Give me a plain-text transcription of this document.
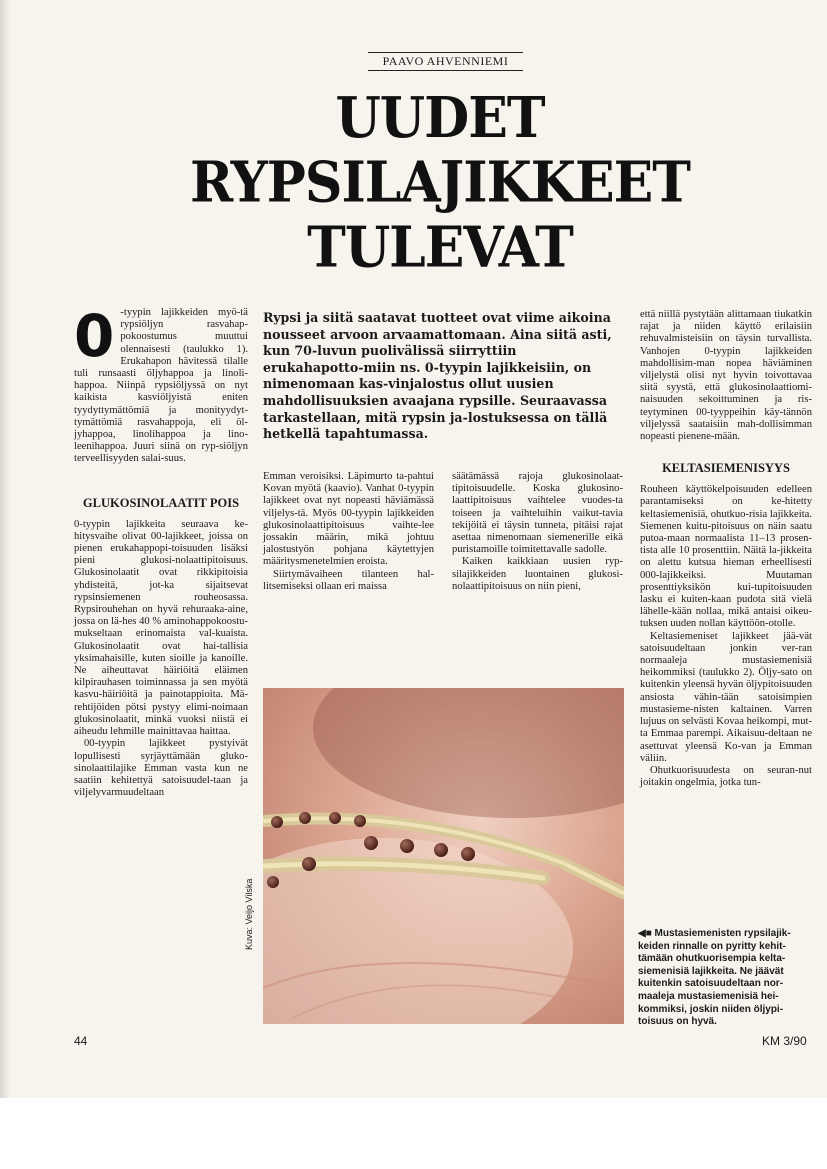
PAAVO AHVENNIEMI
UUDET
RYPSILAJIKKEET
TULEVAT

0 -tyypin lajikkeiden myö-tä rypsiöljyn rasvahap-pokoostumus muuttui olennaisesti (taulukko 1). Erukahapon hävitessä tilalle tuli runsaasti öljyhappoa ja linoli-happoa. Niinpä rypsiöljyssä on nyt kaikista kasviöljyistä eniten tyydyttymättömiä ja monityydyt-tymättömiä rasvahappoja, eli öl-jyhappoa, linolihappoa ja lino-leenihappoa. Juuri siinä on ryp-siöljyn terveellisyyden salai-suus.

GLUKOSINOLAATIT POIS

0-tyypin lajikkeita seuraava ke-hitysvaihe olivat 00-lajikkeet, joissa on pienen erukahappopi-toisuuden lisäksi pieni glukosi-nolaattipitoisuus. Glukosinolaatit ovat rikkipitoisia yhdisteitä, jot-ka sijaitsevat rypsinsiemenen rouheosassa. Rypsirouhehan on hyvä rehuraaka-aine, jossa on lä-hes 40 % aminohappokoostu-mukseltaan erinomaista val-kuaista. Glukosinolaatit ovat hai-tallisia yksimahaisille, kuten sioille ja kanoille. Ne aiheuttavat häiriöitä eläimen kilpirauhasen toiminnassa ja sen myötä kasvu-häiriöitä ja painotappioita. Mä-rehtijöiden pötsi pystyy elimi-noimaan glukosinolaatit, minkä vuoksi niistä ei aiheudu lehmille mainittavaa haittaa.

00-tyypin lajikkeet pystyivät lopullisesti syrjäyttämään gluko-sinolaattilajike Emman vasta kun ne saatiin kehitettyä satoisuudel-taan ja viljelyvarmuudeltaan

Rypsi ja siitä saatavat tuotteet ovat viime aikoina nousseet arvoon arvaamattomaan. Aina siitä asti, kun 70-luvun puolivälissä siirryttiin erukahapotto-miin ns. 0-tyypin lajikkeisiin, on nimenomaan kas-vinjalostus ollut uusien mahdollisuuksien avaajana rypsille. Seuraavassa tarkastellaan, mitä rypsin ja-lostuksessa on tällä hetkellä tapahtumassa.

Emman veroisiksi. Läpimurto ta-pahtui Kovan myötä (kaavio). Vanhat 0-tyypin lajikkeet ovat nyt nopeasti häviämässä viljelys-tä. Myös 00-tyypin lajikkeiden glukosinolaattipitoisuus vaihte-lee jossakin määrin, mikä johtuu jalostustyön pohjana käytettyjen määritysmenetelmien eroista.

Siirtymävaiheen tilanteen hal-litsemiseksi ollaan eri maissa

säätämässä rajoja glukosinolaat-tipitoisuudelle. Koska glukosino-laattipitoisuus vaihtelee vuodes-ta toiseen ja vaihteluihin vaikut-tavia tekijöitä ei täysin tunneta, pitäisi rajat asettaa nimenomaan siemenerille eikä puristamoille toimitettavalle sadolle.

Kaiken kaikkiaan uusien ryp-silajikkeiden luontainen glukosi-nolaattipitoisuus on niin pieni,

että niillä pystytään alittamaan tiukatkin rajat ja niiden käyttö erilaisiin rehuvalmisteisiin on täysin turvallista. Vanhojen 0-tyypin lajikkeiden mahdollisim-man nopea häviäminen viljelystä olisi nyt hyvin toivottavaa siitä syystä, että glukosinolaattiomi-naisuuden sekoittuminen ja ris-teytyminen 00-tyyppeihin käy-tännön viljelyssä saataisiin mah-dollisimman nopeasti pienene-mään.

KELTASIEMENISYYS

Rouheen käyttökelpoisuuden edelleen parantamiseksi on ke-hitetty keltasiemenisiä, ohutkuo-risia lajikkeita. Siemenen kuitu-pitoisuus on näin saatu putoa-maan normaalista 11–13 prosen-tista alle 10 prosenttiin. Näitä la-jikkeita on alettu kutsua hieman erheellisesti 000-lajikkeiksi. Muutaman prosenttiyksikön kui-tupitoisuuden lasku ei kuiten-kaan pudota sitä vielä lähelle-kään nollaa, mikä antaisi oikeu-tuksen uuden nollan käyttöön-otolle.

Keltasiemeniset lajikkeet jää-vät satoisuudeltaan jonkin ver-ran normaaleja mustasiemenisiä heikommiksi (taulukko 2). Öljy-sato on kuitenkin yleensä hyvän öljypitoisuuden ansiosta vähin-tään satoisimpien mustasieme-nisten kaltainen. Varren lujuus on selvästi Kovaa heikompi, mut-ta Emmaa parempi. Aikaisuu-deltaan ne asettuvat yleensä Ko-van ja Emman väliin.

Ohutkuorisuudesta on seuran-nut joitakin ongelmia, jotka tun-

Kuva: Veijo Vilska	◀■ Mustasiemenisten rypsilajik-keiden rinnalle on pyritty kehit-tämään ohutkuorisempia kelta-siemenisiä lajikkeita. Ne jäävät kuitenkin satoisuudeltaan nor-maaleja mustasiemenisiä hei-kommiksi, joskin niiden öljypi-toisuus on hyvä.
44	KM 3/90
